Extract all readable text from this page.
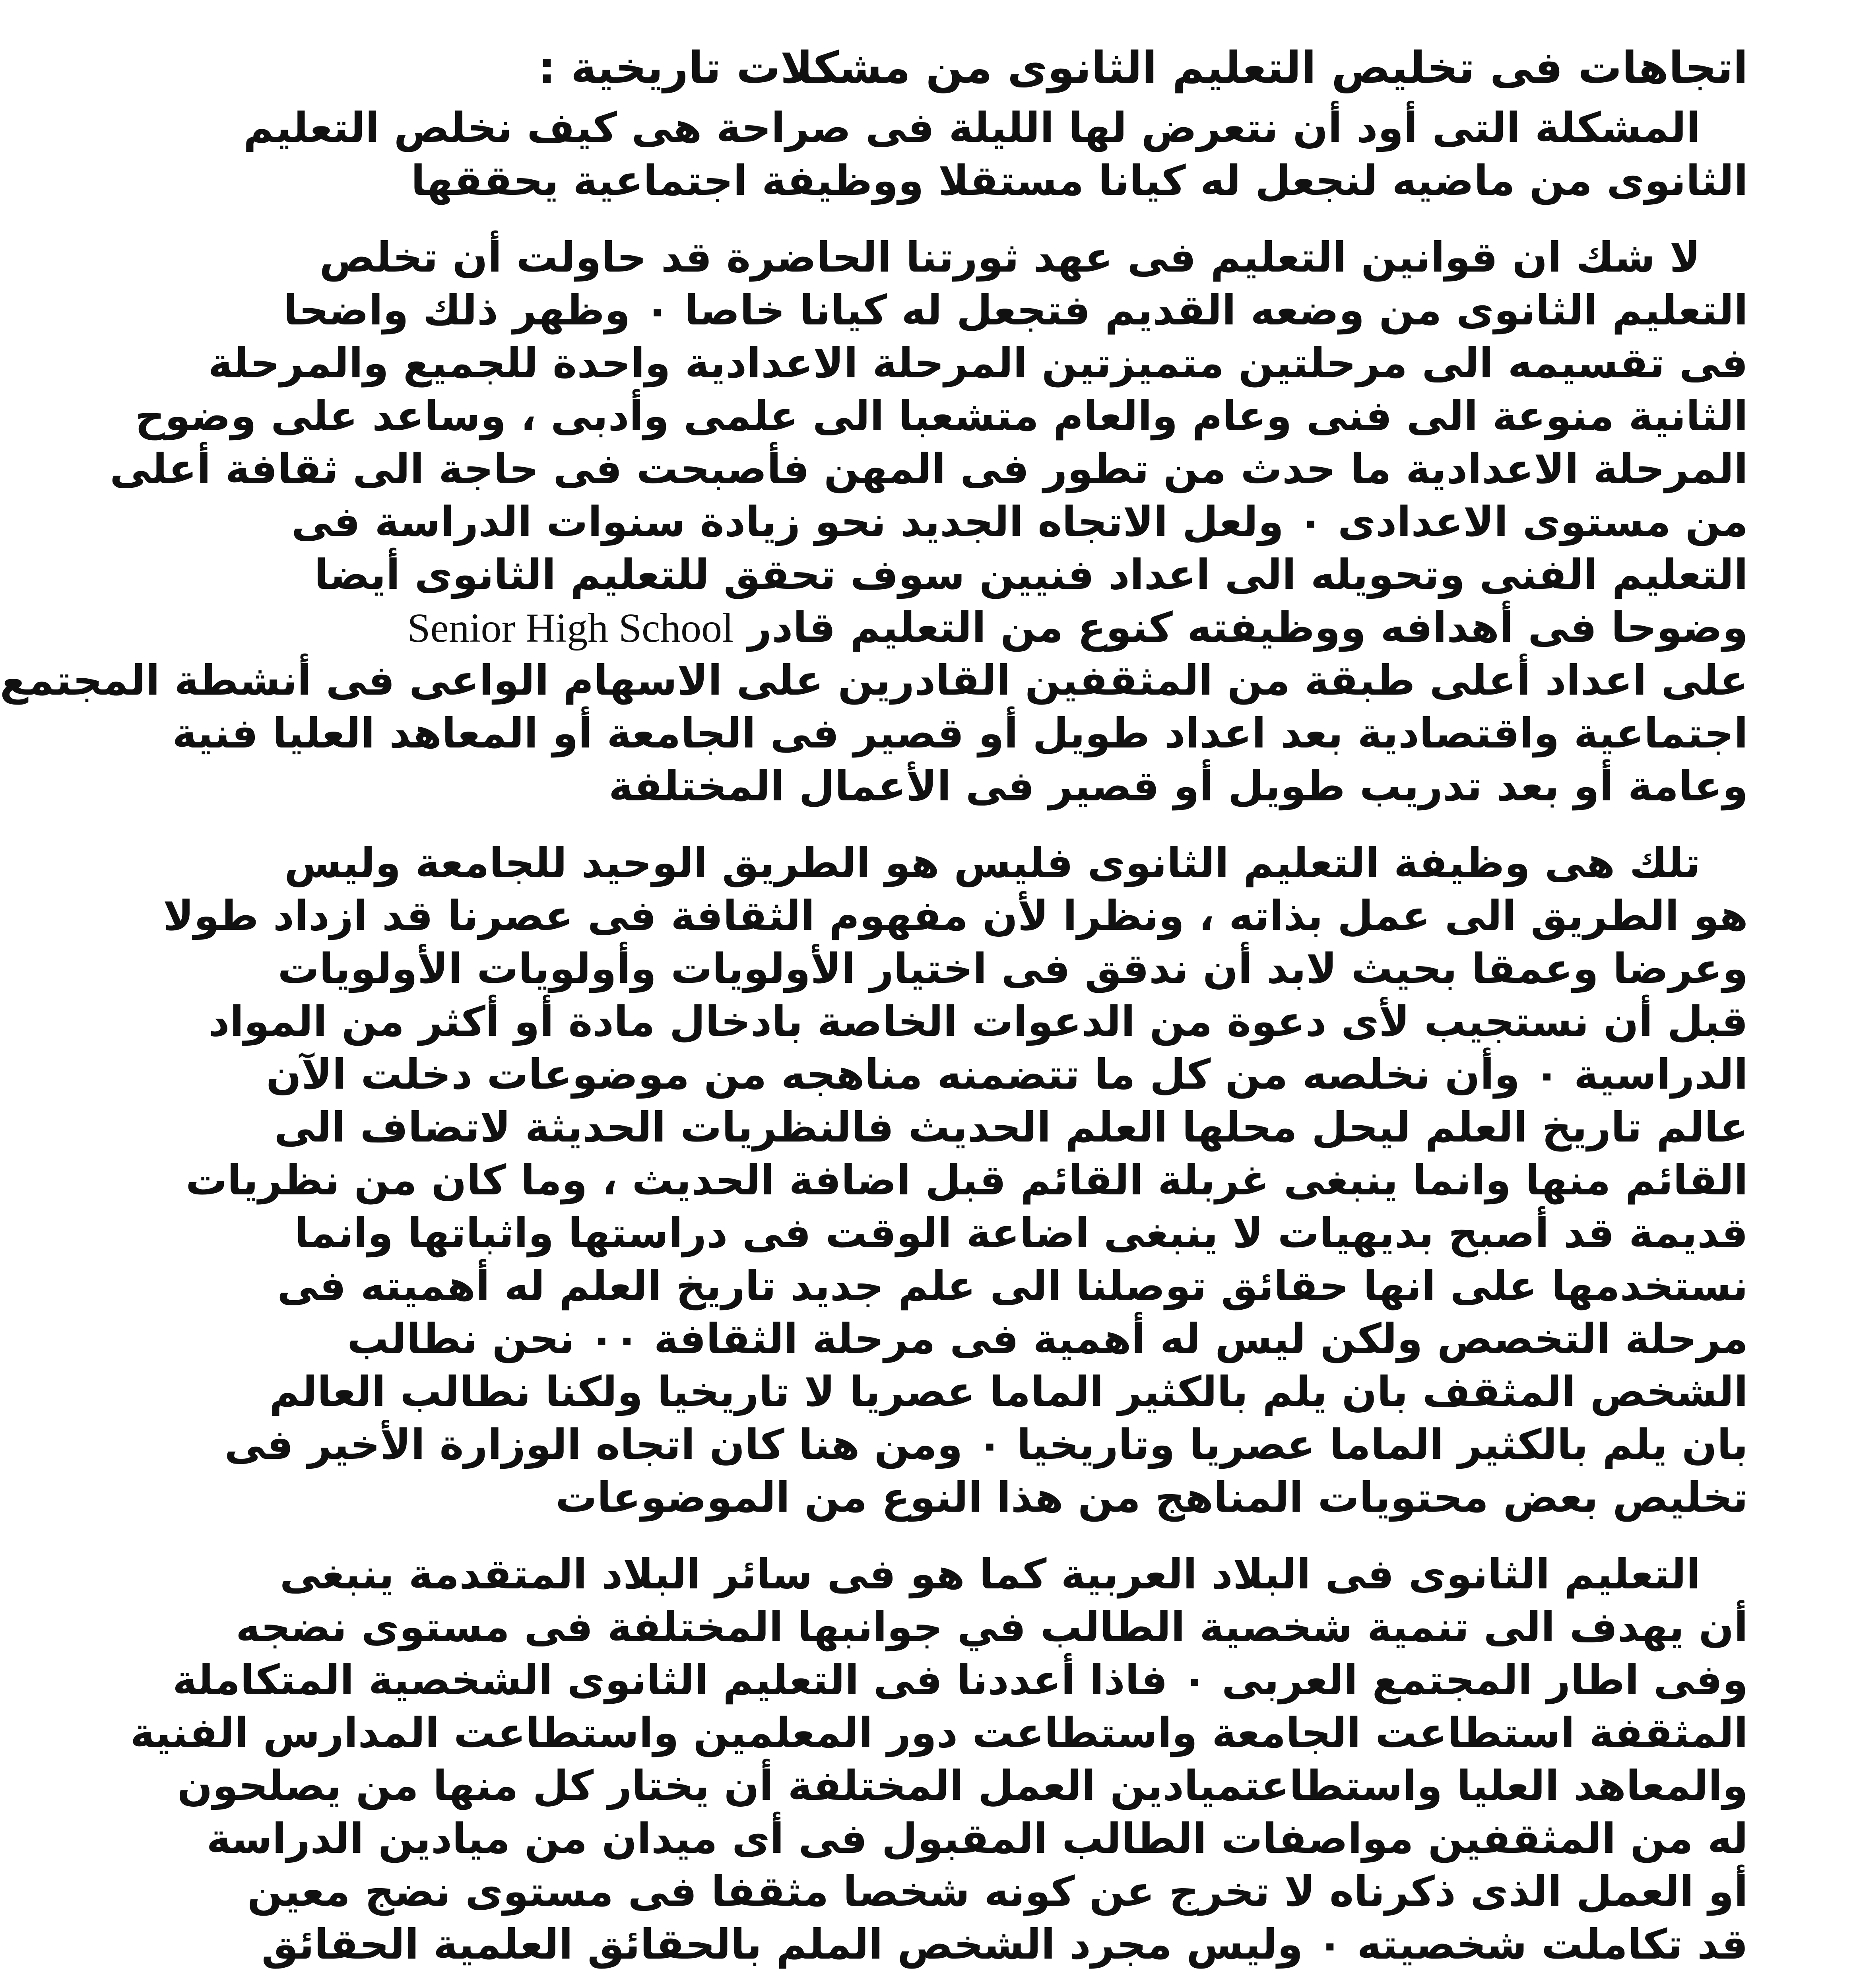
اتجاهات فى تخليص التعليم الثانوى من مشكلات تاريخية :
المشكلة التى أود أن نتعرض لها الليلة فى صراحة هى كيف نخلص التعليم
الثانوى من ماضيه لنجعل له كيانا مستقلا ووظيفة اجتماعية يحققها
لا شك ان قوانين التعليم فى عهد ثورتنا الحاضرة قد حاولت أن تخلص
التعليم الثانوى من وضعه القديم فتجعل له كيانا خاصا ٠ وظهر ذلك واضحا
فى تقسيمه الى مرحلتين متميزتين المرحلة الاعدادية واحدة للجميع والمرحلة
الثانية منوعة الى فنى وعام والعام متشعبا الى علمى وأدبى ، وساعد على وضوح
المرحلة الاعدادية ما حدث من تطور فى المهن فأصبحت فى حاجة الى ثقافة أعلى
من مستوى الاعدادى ٠ ولعل الاتجاه الجديد نحو زيادة سنوات الدراسة فى
التعليم الفنى وتحويله الى اعداد فنيين سوف تحقق للتعليم الثانوى أيضا
وضوحا فى أهدافه ووظيفته كنوع من التعليم قادر Senior High School
على اعداد أعلى طبقة من المثقفين القادرين على الاسهام الواعى فى أنشطة المجتمع
اجتماعية واقتصادية بعد اعداد طويل أو قصير فى الجامعة أو المعاهد العليا فنية
وعامة أو بعد تدريب طويل أو قصير فى الأعمال المختلفة
تلك هى وظيفة التعليم الثانوى فليس هو الطريق الوحيد للجامعة وليس
هو الطريق الى عمل بذاته ، ونظرا لأن مفهوم الثقافة فى عصرنا قد ازداد طولا
وعرضا وعمقا بحيث لابد أن ندقق فى اختيار الأولويات وأولويات الأولويات
قبل أن نستجيب لأى دعوة من الدعوات الخاصة بادخال مادة أو أكثر من المواد
الدراسية ٠ وأن نخلصه من كل ما تتضمنه مناهجه من موضوعات دخلت الآن
عالم تاريخ العلم ليحل محلها العلم الحديث فالنظريات الحديثة لاتضاف الى
القائم منها وانما ينبغى غربلة القائم قبل اضافة الحديث ، وما كان من نظريات
قديمة قد أصبح بديهيات لا ينبغى اضاعة الوقت فى دراستها واثباتها وانما
نستخدمها على انها حقائق توصلنا الى علم جديد تاريخ العلم له أهميته فى
مرحلة التخصص ولكن ليس له أهمية فى مرحلة الثقافة ٠٠ نحن نطالب
الشخص المثقف بان يلم بالكثير الماما عصريا لا تاريخيا ولكنا نطالب العالم
بان يلم بالكثير الماما عصريا وتاريخيا ٠ ومن هنا كان اتجاه الوزارة الأخير فى
تخليص بعض محتويات المناهج من هذا النوع من الموضوعات
التعليم الثانوى فى البلاد العربية كما هو فى سائر البلاد المتقدمة ينبغى
أن يهدف الى تنمية شخصية الطالب في جوانبها المختلفة فى مستوى نضجه
وفى اطار المجتمع العربى ٠ فاذا أعددنا فى التعليم الثانوى الشخصية المتكاملة
المثقفة استطاعت الجامعة واستطاعت دور المعلمين واستطاعت المدارس الفنية
والمعاهد العليا واستطاعتميادين العمل المختلفة أن يختار كل منها من يصلحون
له من المثقفين مواصفات الطالب المقبول فى أى ميدان من ميادين الدراسة
أو العمل الذى ذكرناه لا تخرج عن كونه شخصا مثقفا فى مستوى نضج معين
قد تكاملت شخصيته ٠ وليس مجرد الشخص الملم بالحقائق العلمية الحقائق
